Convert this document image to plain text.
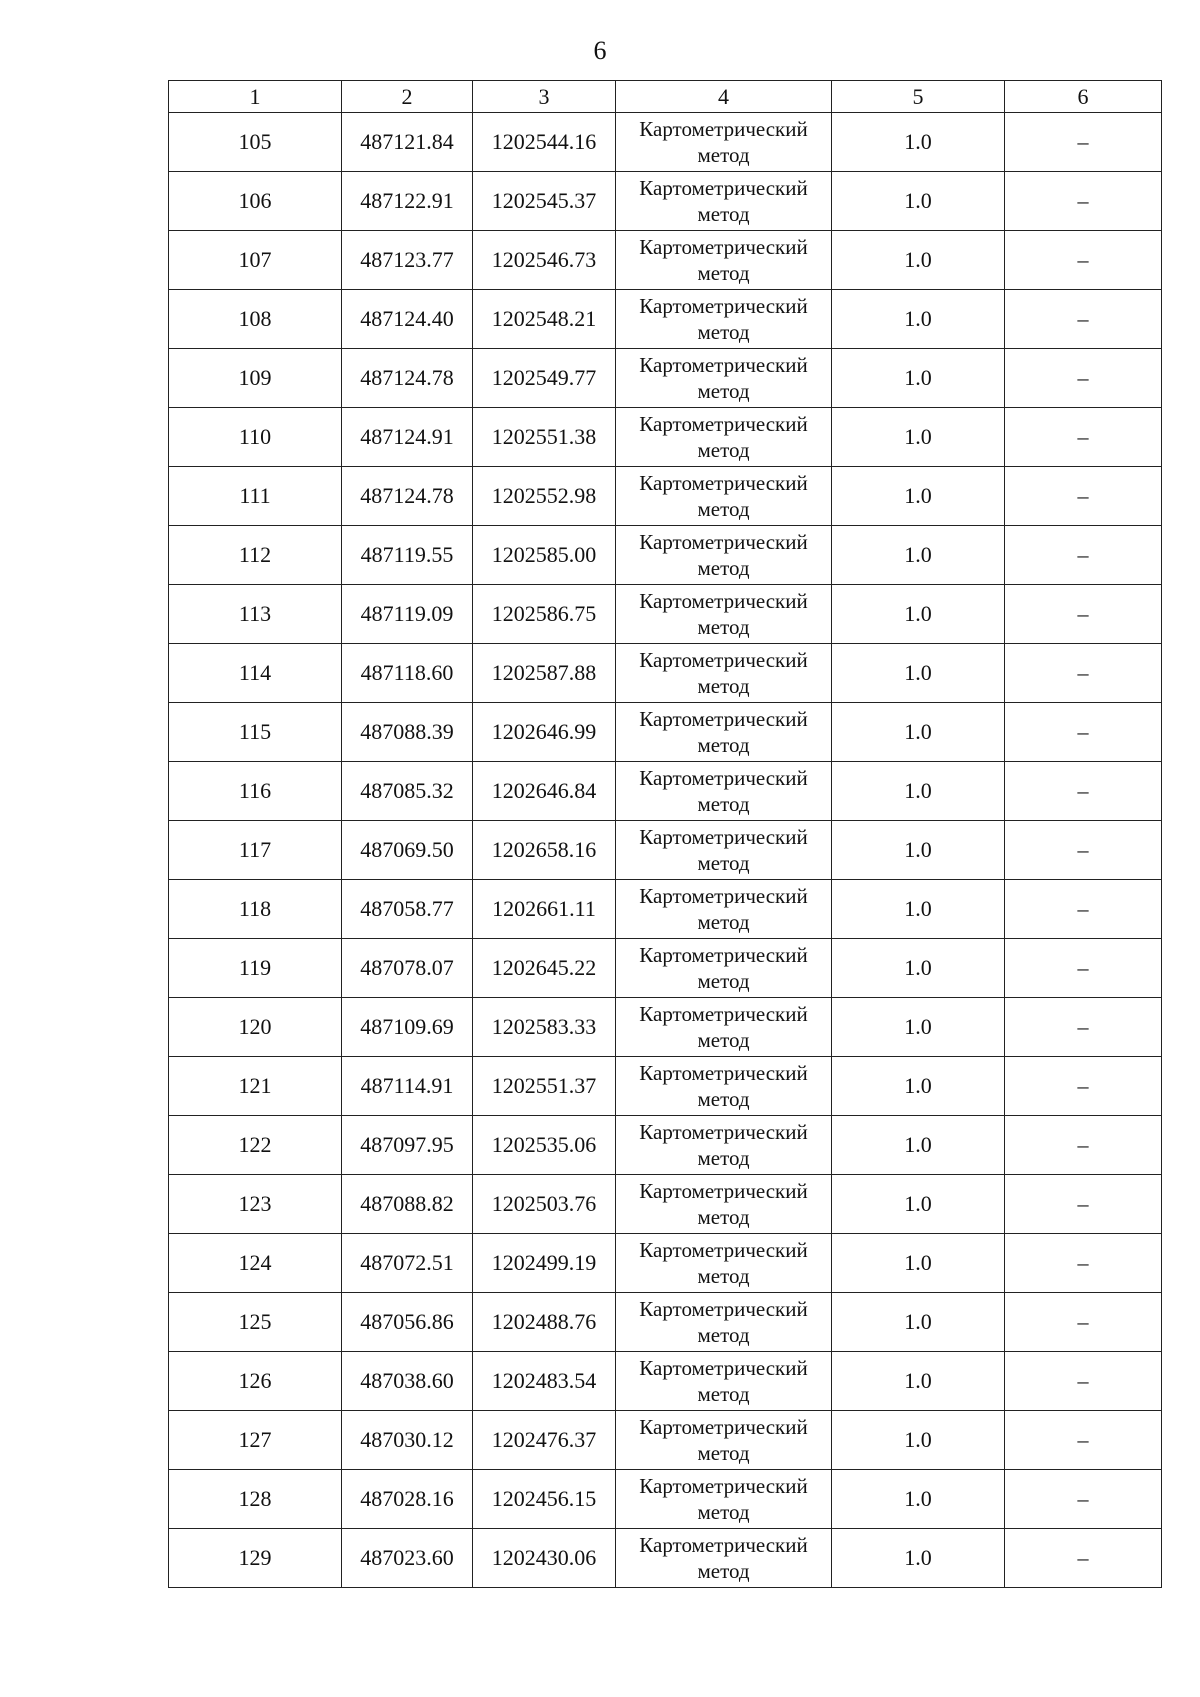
6
1	2	3	4	5	6
105	487121.84	1202544.16	Картометрический метод	1.0	–
106	487122.91	1202545.37	Картометрический метод	1.0	–
107	487123.77	1202546.73	Картометрический метод	1.0	–
108	487124.40	1202548.21	Картометрический метод	1.0	–
109	487124.78	1202549.77	Картометрический метод	1.0	–
110	487124.91	1202551.38	Картометрический метод	1.0	–
111	487124.78	1202552.98	Картометрический метод	1.0	–
112	487119.55	1202585.00	Картометрический метод	1.0	–
113	487119.09	1202586.75	Картометрический метод	1.0	–
114	487118.60	1202587.88	Картометрический метод	1.0	–
115	487088.39	1202646.99	Картометрический метод	1.0	–
116	487085.32	1202646.84	Картометрический метод	1.0	–
117	487069.50	1202658.16	Картометрический метод	1.0	–
118	487058.77	1202661.11	Картометрический метод	1.0	–
119	487078.07	1202645.22	Картометрический метод	1.0	–
120	487109.69	1202583.33	Картометрический метод	1.0	–
121	487114.91	1202551.37	Картометрический метод	1.0	–
122	487097.95	1202535.06	Картометрический метод	1.0	–
123	487088.82	1202503.76	Картометрический метод	1.0	–
124	487072.51	1202499.19	Картометрический метод	1.0	–
125	487056.86	1202488.76	Картометрический метод	1.0	–
126	487038.60	1202483.54	Картометрический метод	1.0	–
127	487030.12	1202476.37	Картометрический метод	1.0	–
128	487028.16	1202456.15	Картометрический метод	1.0	–
129	487023.60	1202430.06	Картометрический метод	1.0	–
